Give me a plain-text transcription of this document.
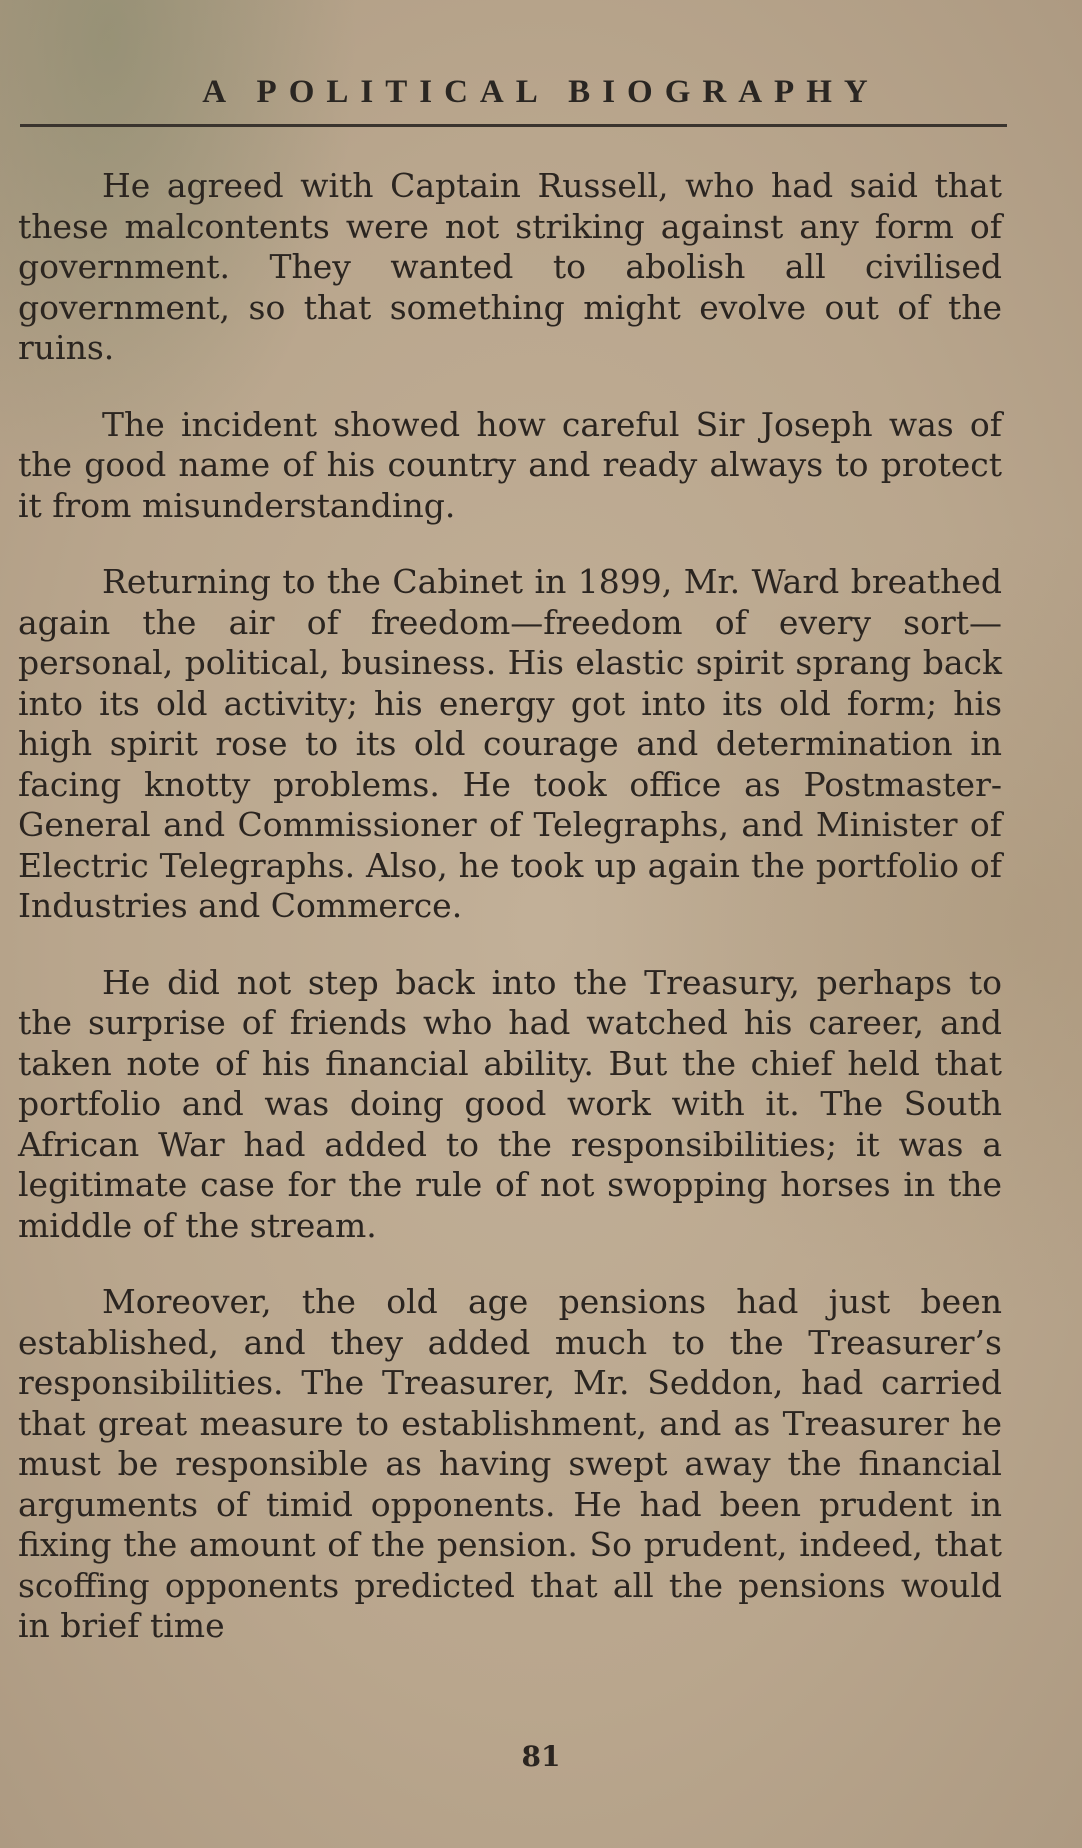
A POLITICAL BIOGRAPHY

He agreed with Captain Russell, who had said that these malcontents were not striking against any form of government. They wanted to abolish all civilised government, so that something might evolve out of the ruins.

The incident showed how careful Sir Joseph was of the good name of his country and ready always to protect it from misunderstanding.

Returning to the Cabinet in 1899, Mr. Ward breathed again the air of freedom—freedom of every sort—personal, political, business. His elastic spirit sprang back into its old activity; his energy got into its old form; his high spirit rose to its old courage and determination in facing knotty problems. He took office as Postmaster-General and Commissioner of Telegraphs, and Minister of Electric Telegraphs. Also, he took up again the portfolio of Industries and Commerce.

He did not step back into the Treasury, perhaps to the surprise of friends who had watched his career, and taken note of his financial ability. But the chief held that portfolio and was doing good work with it. The South African War had added to the responsibilities; it was a legitimate case for the rule of not swopping horses in the middle of the stream.

Moreover, the old age pensions had just been established, and they added much to the Treasurer’s responsibilities. The Treasurer, Mr. Seddon, had carried that great measure to establishment, and as Treasurer he must be responsible as having swept away the financial arguments of timid opponents. He had been prudent in fixing the amount of the pension. So prudent, indeed, that scoffing opponents predicted that all the pensions would in brief time

81
